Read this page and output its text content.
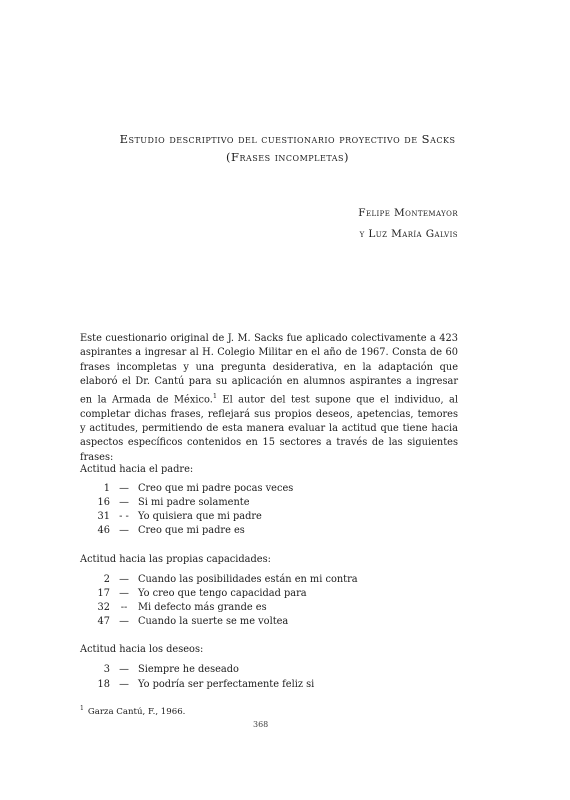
Estudio descriptivo del cuestionario proyectivo de Sacks
(Frases incompletas)
Felipe Montemayor
y Luz María Galvis
Este cuestionario original de J. M. Sacks fue aplicado colectivamente a 423 aspirantes a ingresar al H. Colegio Militar en el año de 1967. Consta de 60 frases incompletas y una pregunta desiderativa, en la adaptación que elaboró el Dr. Cantú para su aplicación en alumnos aspirantes a ingresar en la Armada de México.$^1$ El autor del test supone que el individuo, al completar dichas frases, reflejará sus propios deseos, apetencias, temores y actitudes, permitiendo de esta manera evaluar la actitud que tiene hacia aspectos específicos contenidos en 15 sectores a través de las siguientes frases:
Actitud hacia el padre:
1 — Creo que mi padre pocas veces
16 — Si mi padre solamente
31 - - Yo quisiera que mi padre
46 — Creo que mi padre es
Actitud hacia las propias capacidades:
2 — Cuando las posibilidades están en mi contra
17 — Yo creo que tengo capacidad para
32	--	Mi defecto más grande es
47 — Cuando la suerte se me voltea
Actitud hacia los deseos:
3 — Siempre he deseado
18 — Yo podría ser perfectamente feliz si
$^1$ Garza Cantú, F., 1966.
368
